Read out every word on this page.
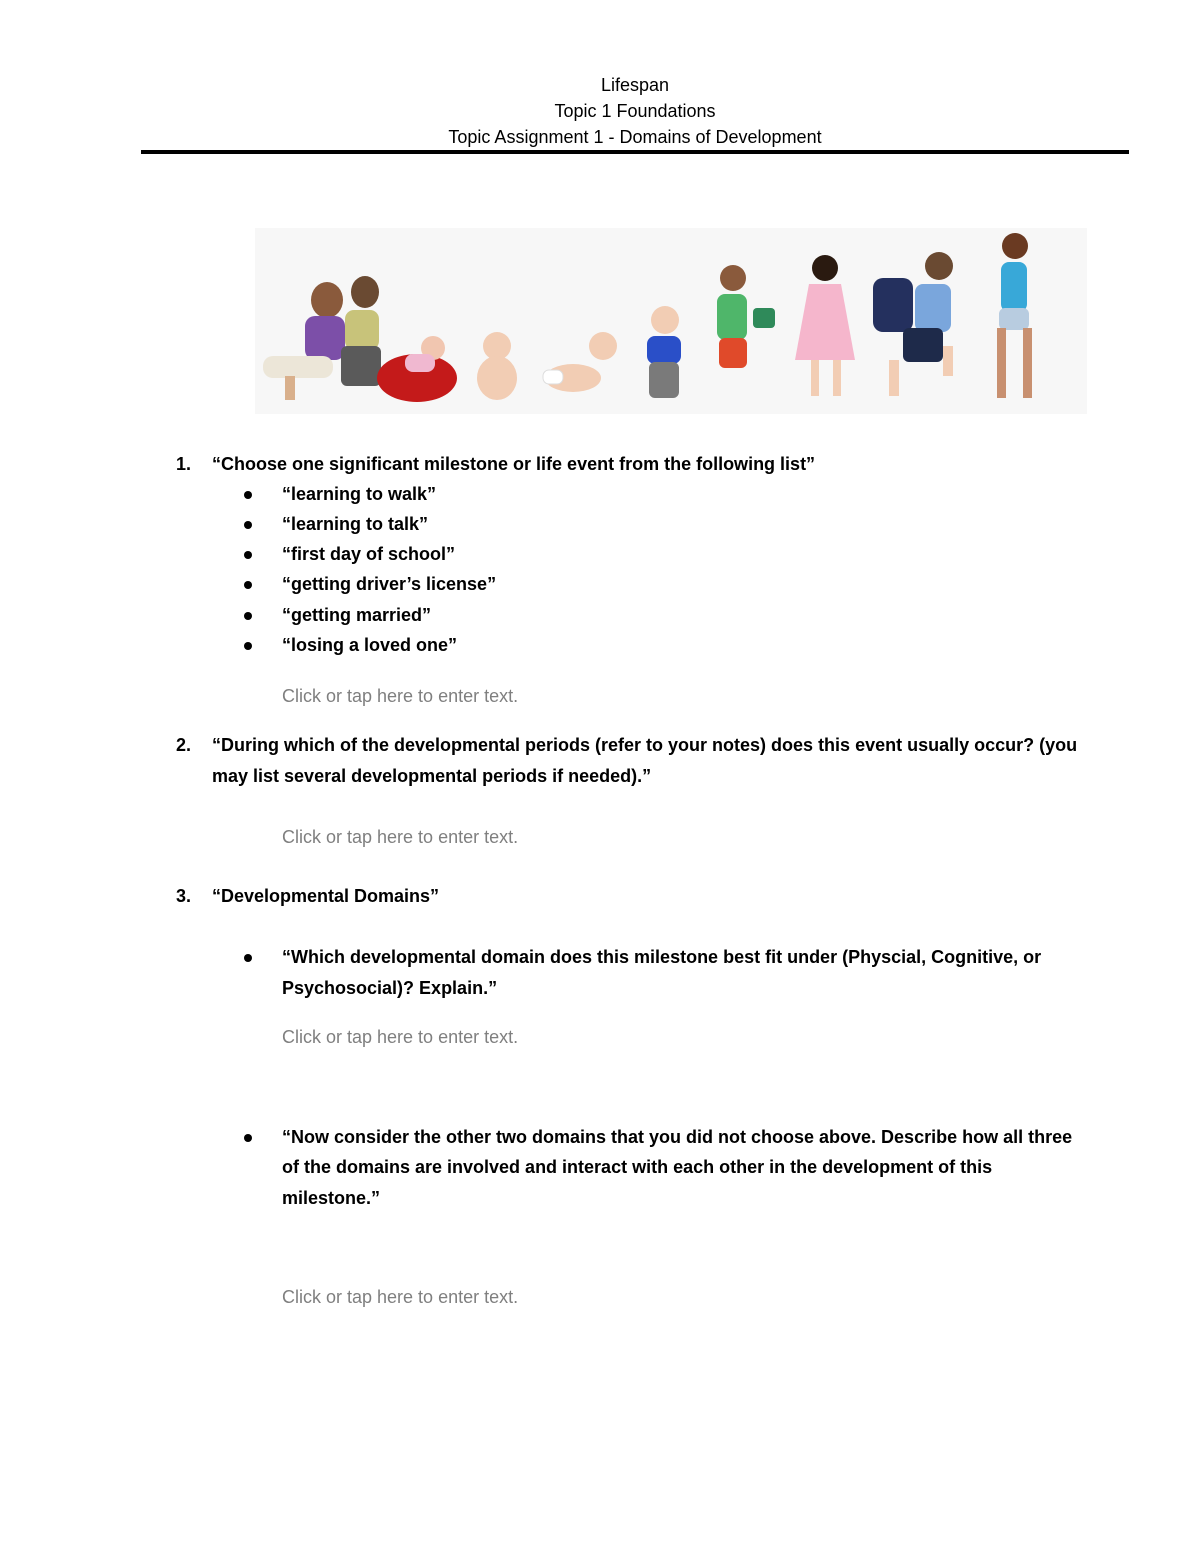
Lifespan
Topic 1 Foundations
Topic Assignment 1 - Domains of Development
1. “Choose one significant milestone or life event from the following list”
“learning to walk”
“learning to talk”
“first day of school”
“getting driver’s license”
“getting married”
“losing a loved one”
Click or tap here to enter text.
2. “During which of the developmental periods (refer to your notes) does this event usually occur? (you
may list several developmental periods if needed).”
Click or tap here to enter text.
3. “Developmental Domains”
“Which developmental domain does this milestone best fit under (Physcial, Cognitive, or
Psychosocial)? Explain.”
Click or tap here to enter text.
“Now consider the other two domains that you did not choose above. Describe how all three
of the domains are involved and interact with each other in the development of this
milestone.”
Click or tap here to enter text.
